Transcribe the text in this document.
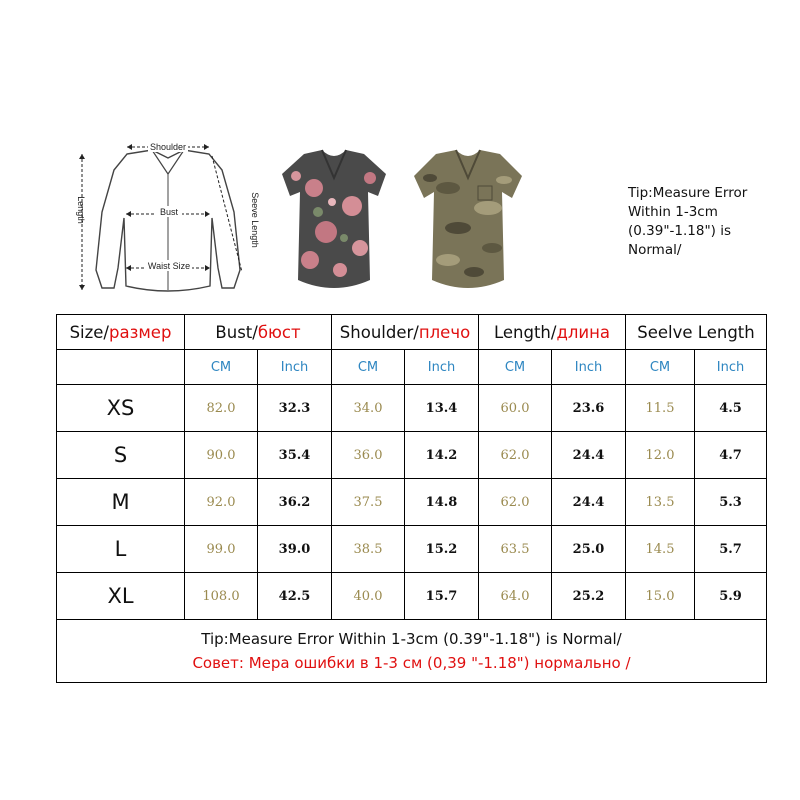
Shoulder
Bust
Waist Size
Length	Seeve Length	Tip:Measure Error
Within 1-3cm
(0.39"-1.18") is
Normal/
Size/размер	Bust/бюст		Shoulder/плечо		Length/длина		Seelve Length	
	CM	Inch	CM	Inch	CM	Inch	CM	Inch
XS	82.0	32.3	34.0	13.4	60.0	23.6	11.5	4.5
S	90.0	35.4	36.0	14.2	62.0	24.4	12.0	4.7
M	92.0	36.2	37.5	14.8	62.0	24.4	13.5	5.3
L	99.0	39.0	38.5	15.2	63.5	25.0	14.5	5.7
XL	108.0	42.5	40.0	15.7	64.0	25.2	15.0	5.9

Tip:Measure Error Within 1-3cm (0.39"-1.18") is Normal/
Совет: Мера ошибки в 1-3 см (0,39 "-1.18") нормально /								
